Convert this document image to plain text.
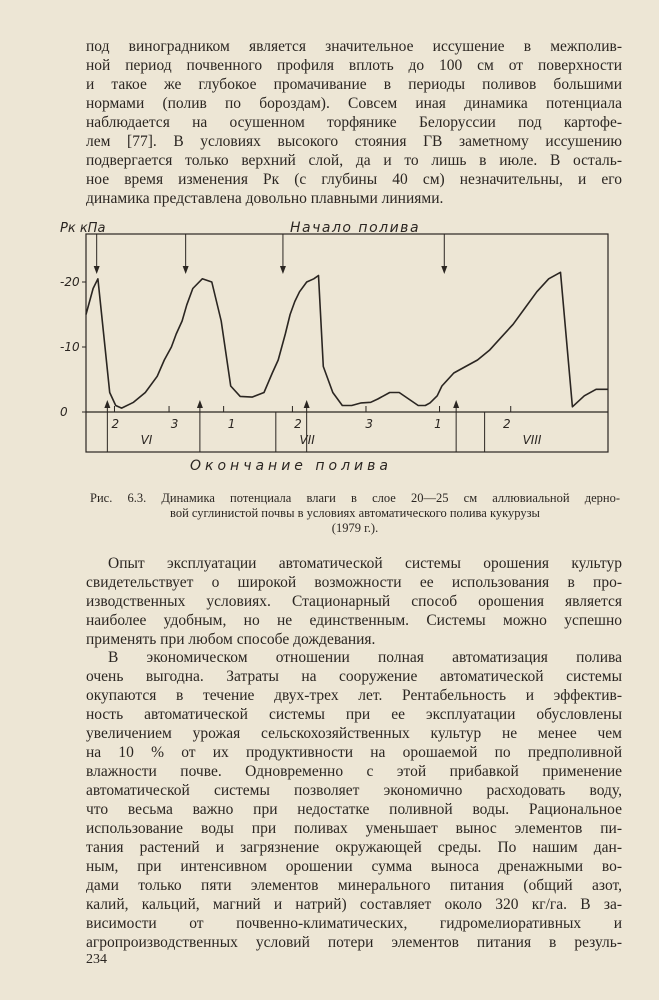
под виноградником является значительное иссушение в межполив-
ной период почвенного профиля вплоть до 100 см от поверхности
и такое же глубокое промачивание в периоды поливов большими
нормами (полив по бороздам). Совсем иная динамика потенциала
наблюдается на осушенном торфянике Белоруссии под картофе-
лем [77]. В условиях высокого стояния ГВ заметному иссушению
подвергается только верхний слой, да и то лишь в июле. В осталь-
ное время изменения Pк (с глубины 40 см) незначительны, и его
динамика представлена довольно плавными линиями.

Pк кПа	Начало полива
Окончание полива
-20
-10
0
2	3	1	2	3	1	2
VI	VII	VIII

Рис. 6.3. Динамика потенциала влаги в слое 20—25 см аллювиальной дерно-
вой суглинистой почвы в условиях автоматического полива кукурузы
(1979 г.).

Опыт эксплуатации автоматической системы орошения культур
свидетельствует о широкой возможности ее использования в про-
изводственных условиях. Стационарный способ орошения является
наиболее удобным, но не единственным. Системы можно успешно
применять при любом способе дождевания.

В экономическом отношении полная автоматизация полива
очень выгодна. Затраты на сооружение автоматической системы
окупаются в течение двух-трех лет. Рентабельность и эффектив-
ность автоматической системы при ее эксплуатации обусловлены
увеличением урожая сельскохозяйственных культур не менее чем
на 10 % от их продуктивности на орошаемой по предполивной
влажности почве. Одновременно с этой прибавкой применение
автоматической системы позволяет экономично расходовать воду,
что весьма важно при недостатке поливной воды. Рациональное
использование воды при поливах уменьшает вынос элементов пи-
тания растений и загрязнение окружающей среды. По нашим дан-
ным, при интенсивном орошении сумма выноса дренажными во-
дами только пяти элементов минерального питания (общий азот,
калий, кальций, магний и натрий) составляет около 320 кг/га. В за-
висимости от почвенно-климатических, гидромелиоративных и
агропроизводственных условий потери элементов питания в резуль-

234
